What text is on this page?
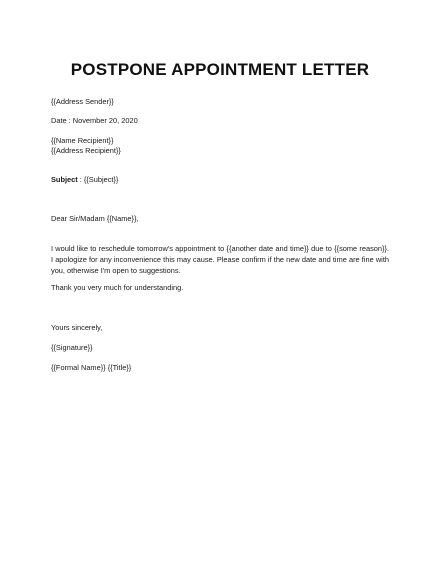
POSTPONE APPOINTMENT LETTER
{{Address Sender}}
Date : November 20, 2020
{{Name Recipient}}
{{Address Recipient}}
Subject : {{Subject}}
Dear Sir/Madam {{Name}},
I would like to reschedule tomorrow's appointment to {{another date and time}} due to {{some reason}}. I apologize for any inconvenience this may cause. Please confirm if the new date and time are fine with you, otherwise I'm open to suggestions.
Thank you very much for understanding.
Yours sincerely,
{{Signature}}
{{Formal Name}} {{Title}}
